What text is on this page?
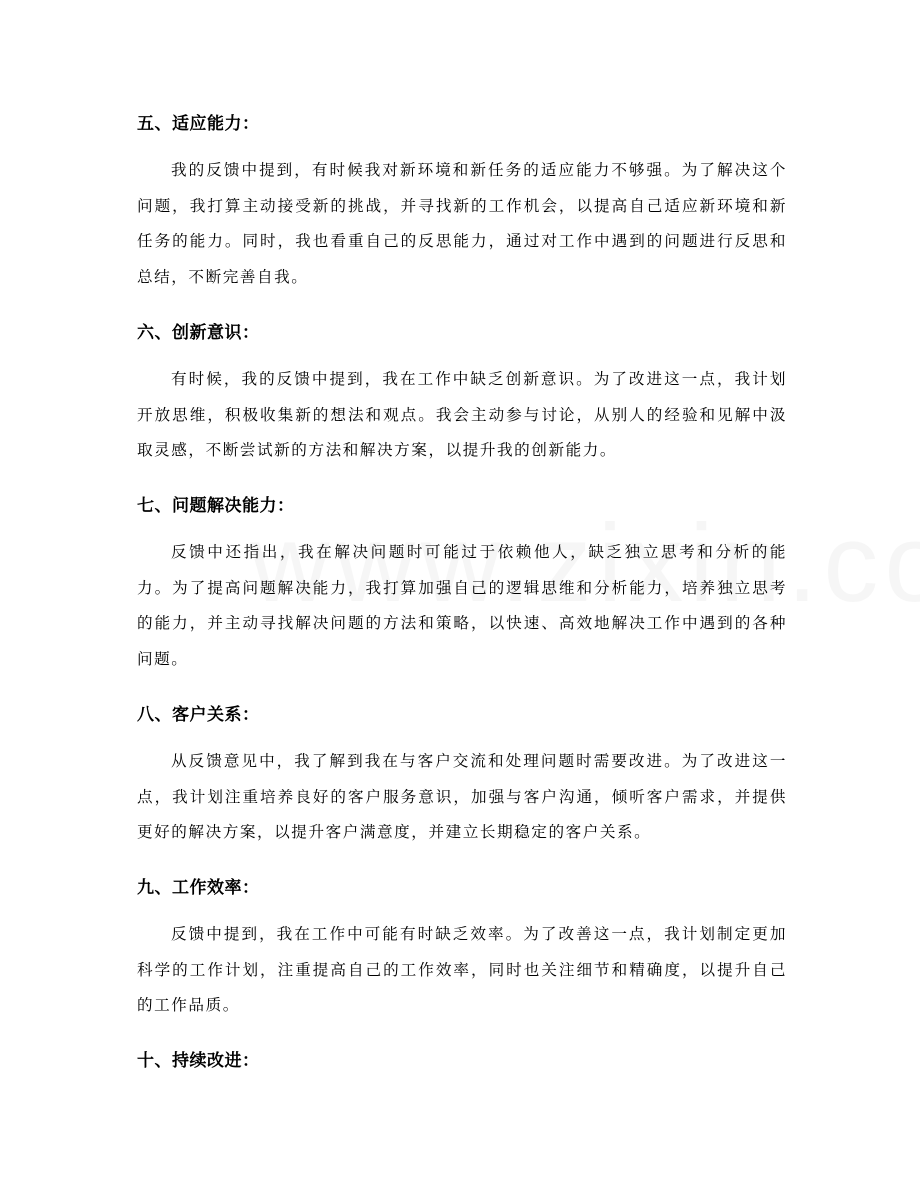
五、适应能力：

我的反馈中提到，有时候我对新环境和新任务的适应能力不够强。为了解决这个问题，我打算主动接受新的挑战，并寻找新的工作机会，以提高自己适应新环境和新任务的能力。同时，我也看重自己的反思能力，通过对工作中遇到的问题进行反思和总结，不断完善自我。

六、创新意识：

有时候，我的反馈中提到，我在工作中缺乏创新意识。为了改进这一点，我计划开放思维，积极收集新的想法和观点。我会主动参与讨论，从别人的经验和见解中汲取灵感，不断尝试新的方法和解决方案，以提升我的创新能力。

七、问题解决能力：

反馈中还指出，我在解决问题时可能过于依赖他人，缺乏独立思考和分析的能力。为了提高问题解决能力，我打算加强自己的逻辑思维和分析能力，培养独立思考的能力，并主动寻找解决问题的方法和策略，以快速、高效地解决工作中遇到的各种问题。

八、客户关系：

从反馈意见中，我了解到我在与客户交流和处理问题时需要改进。为了改进这一点，我计划注重培养良好的客户服务意识，加强与客户沟通，倾听客户需求，并提供更好的解决方案，以提升客户满意度，并建立长期稳定的客户关系。

九、工作效率：

反馈中提到，我在工作中可能有时缺乏效率。为了改善这一点，我计划制定更加科学的工作计划，注重提高自己的工作效率，同时也关注细节和精确度，以提升自己的工作品质。

十、持续改进：
